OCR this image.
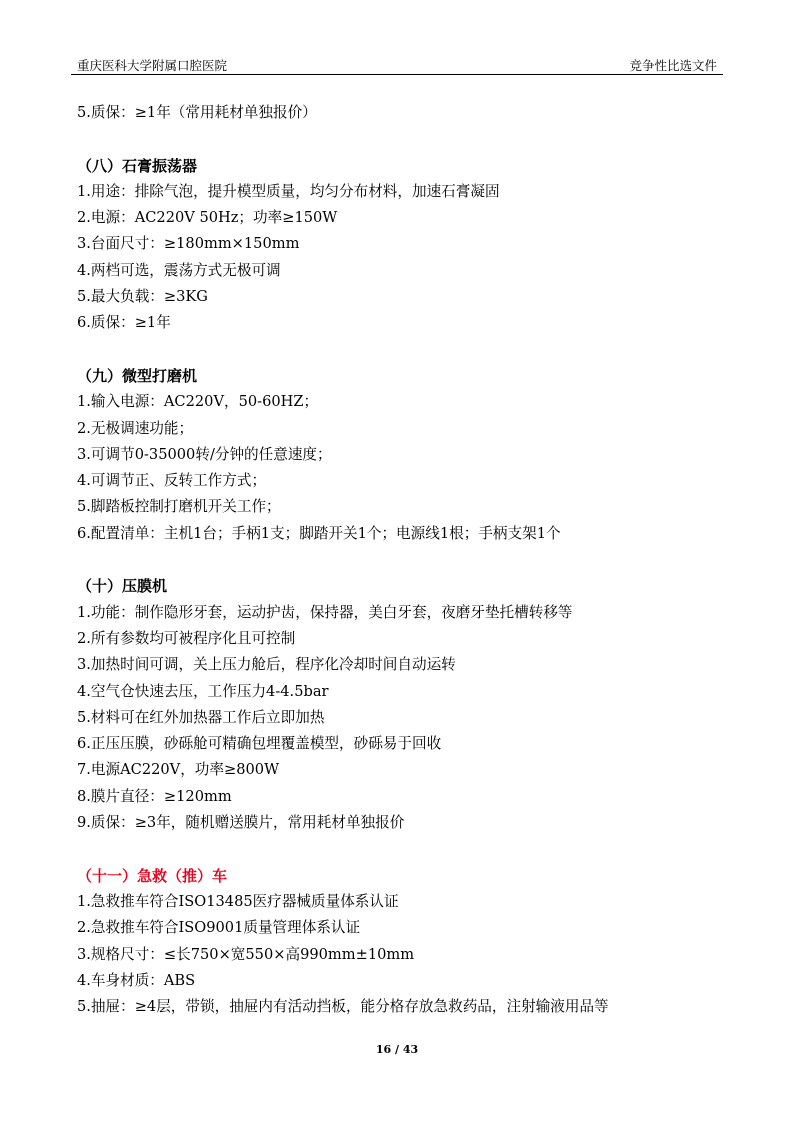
重庆医科大学附属口腔医院	竞争性比选文件
5.质保：≥1年（常用耗材单独报价）
（八）石膏振荡器
1.用途：排除气泡，提升模型质量，均匀分布材料，加速石膏凝固
2.电源：AC220V 50Hz；功率≥150W
3.台面尺寸：≥180mm×150mm
4.两档可选，震荡方式无极可调
5.最大负载：≥3KG
6.质保：≥1年
（九）微型打磨机
1.输入电源：AC220V，50-60HZ；
2.无极调速功能；
3.可调节0-35000转/分钟的任意速度；
4.可调节正、反转工作方式；
5.脚踏板控制打磨机开关工作；
6.配置清单：主机1台；手柄1支；脚踏开关1个；电源线1根；手柄支架1个
（十）压膜机
1.功能：制作隐形牙套，运动护齿，保持器，美白牙套，夜磨牙垫托槽转移等
2.所有参数均可被程序化且可控制
3.加热时间可调，关上压力舱后，程序化冷却时间自动运转
4.空气仓快速去压，工作压力4-4.5bar
5.材料可在红外加热器工作后立即加热
6.正压压膜，砂砾舱可精确包埋覆盖模型，砂砾易于回收
7.电源AC220V，功率≥800W
8.膜片直径：≥120mm
9.质保：≥3年，随机赠送膜片，常用耗材单独报价
（十一）急救（推）车
1.急救推车符合ISO13485医疗器械质量体系认证
2.急救推车符合ISO9001质量管理体系认证
3.规格尺寸：≤长750×宽550×高990mm±10mm
4.车身材质：ABS
5.抽屉：≥4层，带锁，抽屉内有活动挡板，能分格存放急救药品，注射输液用品等
16 / 43
